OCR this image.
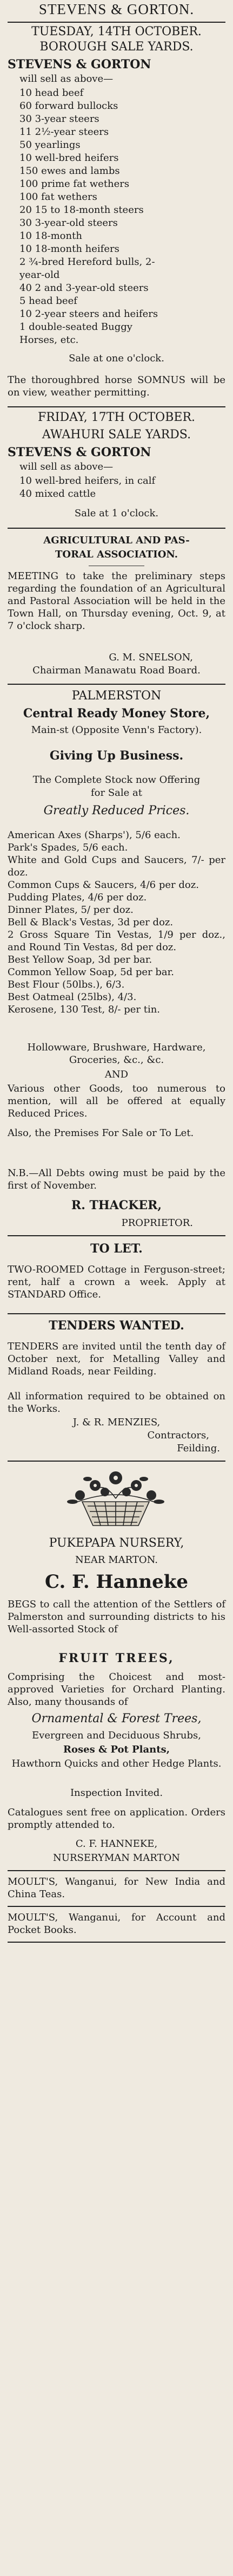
STEVENS & GORTON.
TUESDAY, 14TH OCTOBER.
BOROUGH SALE YARDS.
STEVENS & GORTON
will sell as above—
10 head beef
60 forward bullocks
30 3-year steers
11 2½-year steers
50 yearlings
10 well-bred heifers
150 ewes and lambs
100 prime fat wethers
100 fat wethers
20 15 to 18-month steers
30 3-year-old steers
10 18-month
10 18-month heifers
2 ¾-bred Hereford bulls, 2-
year-old
40 2 and 3-year-old steers
5 head beef
10 2-year steers and heifers
1 double-seated Buggy
Horses, etc.
Sale at one o'clock.
The thoroughbred horse SOMNUS will be on view, weather permitting.
FRIDAY, 17TH OCTOBER.
AWAHURI SALE YARDS.
STEVENS & GORTON
will sell as above—
10 well-bred heifers, in calf
40 mixed cattle
Sale at 1 o'clock.
AGRICULTURAL AND PAS-
TORAL ASSOCIATION.
MEETING to take the preliminary steps regarding the foundation of an Agricultural and Pastoral Association will be held in the Town Hall, on Thursday evening, Oct. 9, at 7 o'clock sharp.
G. M. SNELSON,
Chairman Manawatu Road Board.
PALMERSTON
Central Ready Money Store,
Main-st (Opposite Venn's Factory).
Giving Up Business.
The Complete Stock now Offering for Sale at
Greatly Reduced Prices.
American Axes (Sharps'), 5/6 each.
Park's Spades, 5/6 each.
White and Gold Cups and Saucers, 7/- per doz.
Common Cups & Saucers, 4/6 per doz.
Pudding Plates, 4/6 per doz.
Dinner Plates, 5/ per doz.
Bell & Black's Vestas, 3d per doz.
2 Gross Square Tin Vestas, 1/9 per doz., and Round Tin Vestas, 8d per doz.
Best Yellow Soap, 3d per bar.
Common Yellow Soap, 5d per bar.
Best Flour (50lbs.), 6/3.
Best Oatmeal (25lbs), 4/3.
Kerosene, 130 Test, 8/- per tin.
Hollowware, Brushware, Hardware, Groceries, &c., &c.
AND
Various other Goods, too numerous to mention, will all be offered at equally Reduced Prices.
Also, the Premises For Sale or To Let.
N.B.—All Debts owing must be paid by the first of November.
R. THACKER,
PROPRIETOR.
TO LET.
TWO-ROOMED Cottage in Ferguson-street; rent, half a crown a week. Apply at STANDARD Office.
TENDERS WANTED.
TENDERS are invited until the tenth day of October next, for Metalling Valley and Midland Roads, near Feilding.
All information required to be obtained on the Works.
J. & R. MENZIES,
Contractors,
Feilding.
PUKEPAPA NURSERY,
NEAR MARTON.
C. F. Hanneke
BEGS to call the attention of the Settlers of Palmerston and surrounding districts to his Well-assorted Stock of
FRUIT TREES,
Comprising the Choicest and most-approved Varieties for Orchard Planting. Also, many thousands of
Ornamental & Forest Trees,
Evergreen and Deciduous Shrubs,
Roses & Pot Plants,
Hawthorn Quicks and other Hedge Plants.
Inspection Invited.
Catalogues sent free on application. Orders promptly attended to.
C. F. HANNEKE,
NURSERYMAN MARTON
MOULT'S, Wanganui, for New India and China Teas.
MOULT'S, Wanganui, for Account and Pocket Books.
